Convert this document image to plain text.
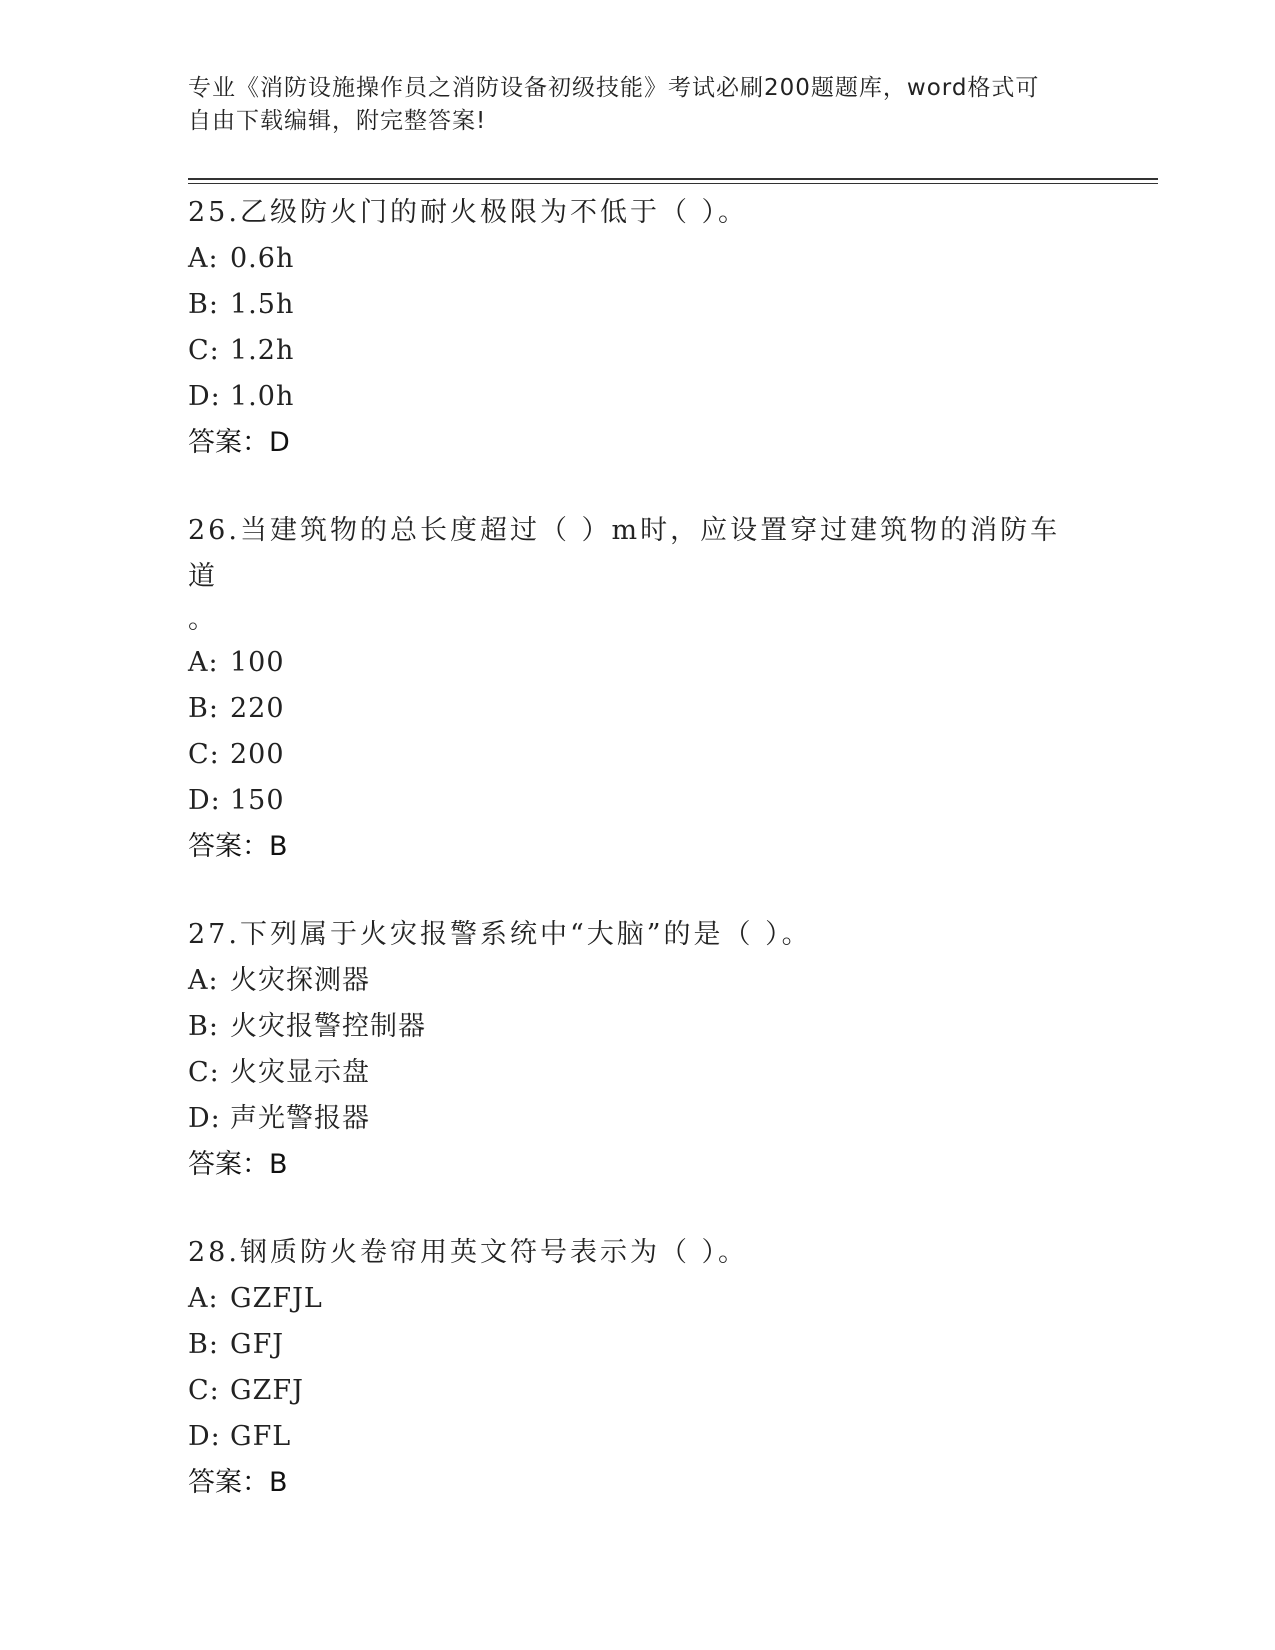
专业《消防设施操作员之消防设备初级技能》考试必刷200题题库，word格式可
自由下载编辑，附完整答案!
25.乙级防火门的耐火极限为不低于（ ）。
A: 0.6h
B: 1.5h
C: 1.2h
D: 1.0h
答案：D
26.当建筑物的总长度超过（ ）m时，应设置穿过建筑物的消防车道
。
A: 100
B: 220
C: 200
D: 150
答案：B
27.下列属于火灾报警系统中“大脑”的是（ ）。
A: 火灾探测器
B: 火灾报警控制器
C: 火灾显示盘
D: 声光警报器
答案：B
28.钢质防火卷帘用英文符号表示为（ ）。
A: GZFJL
B: GFJ
C: GZFJ
D: GFL
答案：B
